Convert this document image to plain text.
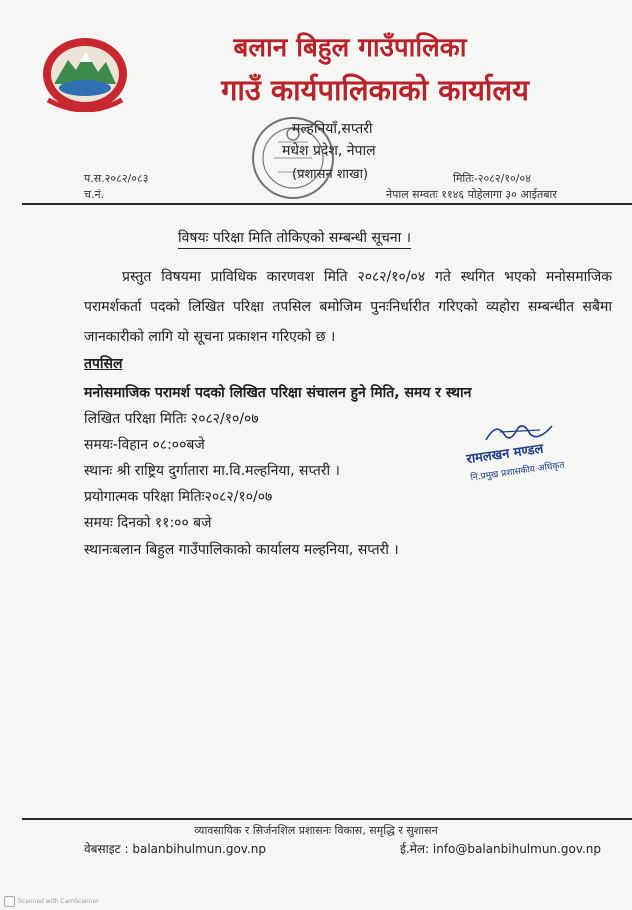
बलान बिहुल गाउँपालिका
गाउँ कार्यपालिकाको कार्यालय
मल्हनियाँ,सप्तरी
मधेश प्रदेश, नेपाल
(प्रशासन शाखा)
प.स.२०८२/०८३
च.नं.
मितिः-२०८२/१०/०४
नेपाल सम्वतः ११४६ पोहेलागा ३० आईतबार
विषयः परिक्षा मिति तोकिएको सम्बन्धी सूचना ।
प्रस्तुत विषयमा प्राविधिक कारणवश मिति २०८२/१०/०४ गते स्थगित भएको मनोसमाजिक परामर्शकर्ता पदको लिखित परिक्षा तपसिल बमोजिम पुनःनिर्धारीत गरिएको व्यहोरा सम्बन्धीत सबैमा जानकारीको लागि यो सूचना प्रकाशन गरिएको छ ।
तपसिल
मनोसमाजिक परामर्श पदको लिखित परिक्षा संचालन हुने मिति, समय र स्थान
लिखित परिक्षा मितिः २०८२/१०/०७
समयः-विहान ०८:००बजे
स्थानः श्री राष्ट्रिय दुर्गातारा मा.वि.मल्हनिया, सप्तरी ।
प्रयोगात्मक परिक्षा मितिः२०८२/१०/०७
समयः दिनको ११:०० बजे
स्थानःबलान बिहुल गाउँपालिकाको कार्यालय मल्हनिया, सप्तरी ।
रामलखन मण्डल
नि.प्रमुख प्रशासकीय अधिकृत
व्यावसायिक र सिर्जनशिल प्रशासनः विकास, समृद्धि र सुशासन
वेबसाइट : balanbihulmun.gov.np	ई.मेल: info@balanbihulmun.gov.np
Scanned with CamScanner
